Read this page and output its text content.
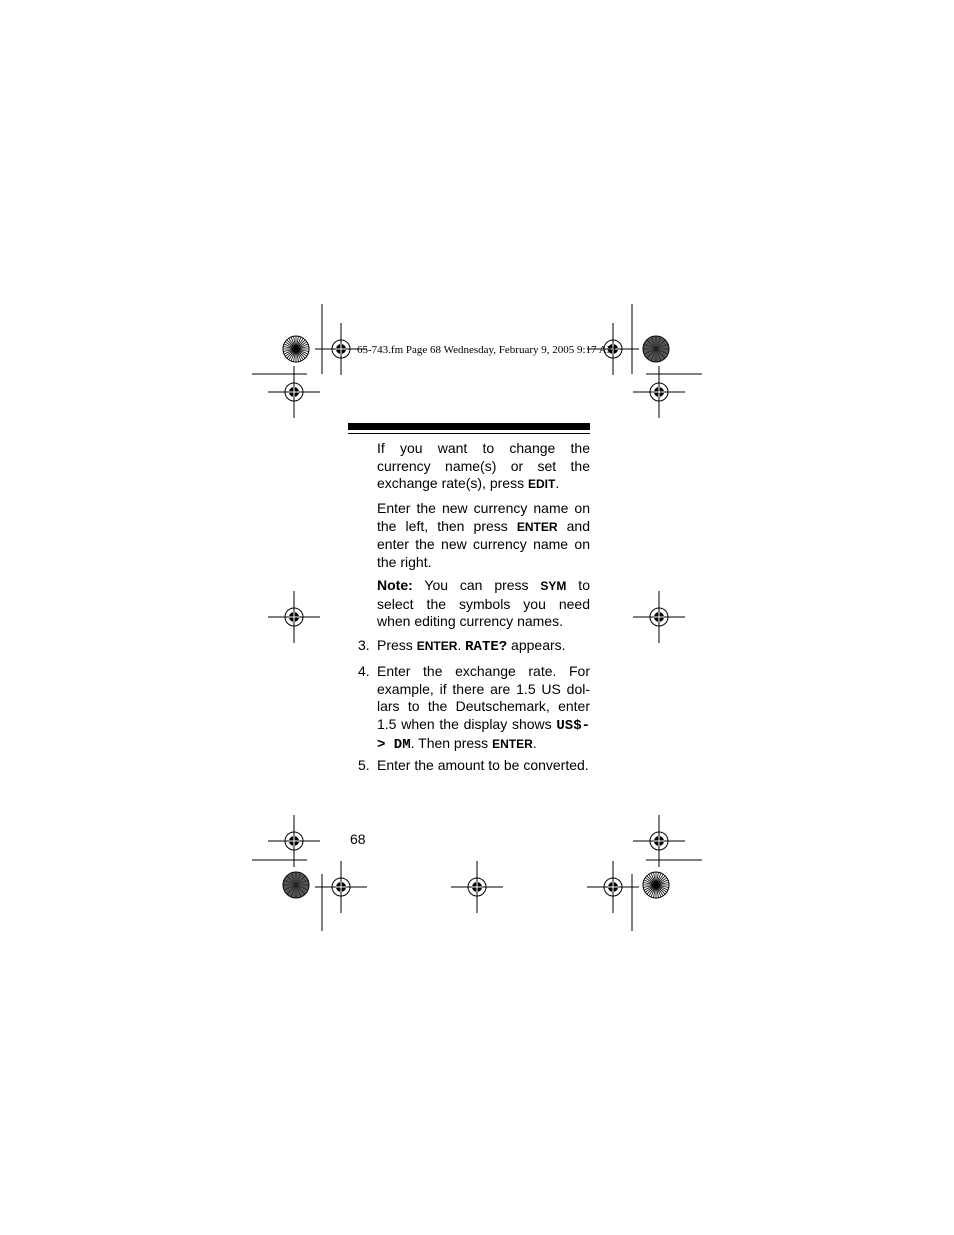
65-743.fm Page 68 Wednesday, February 9, 2005 9:17 AM
If you want to change the currency name(s) or set the exchange rate(s), press EDIT.
Enter the new currency name on the left, then press ENTER and enter the new currency name on the right.
Note: You can press SYM to select the symbols you need when editing currency names.
3. Press ENTER. RATE? appears.
4. Enter the exchange rate. For example, if there are 1.5 US dol-lars to the Deutschemark, enter 1.5 when the display shows US$-> DM. Then press ENTER.
5. Enter the amount to be converted.
68
